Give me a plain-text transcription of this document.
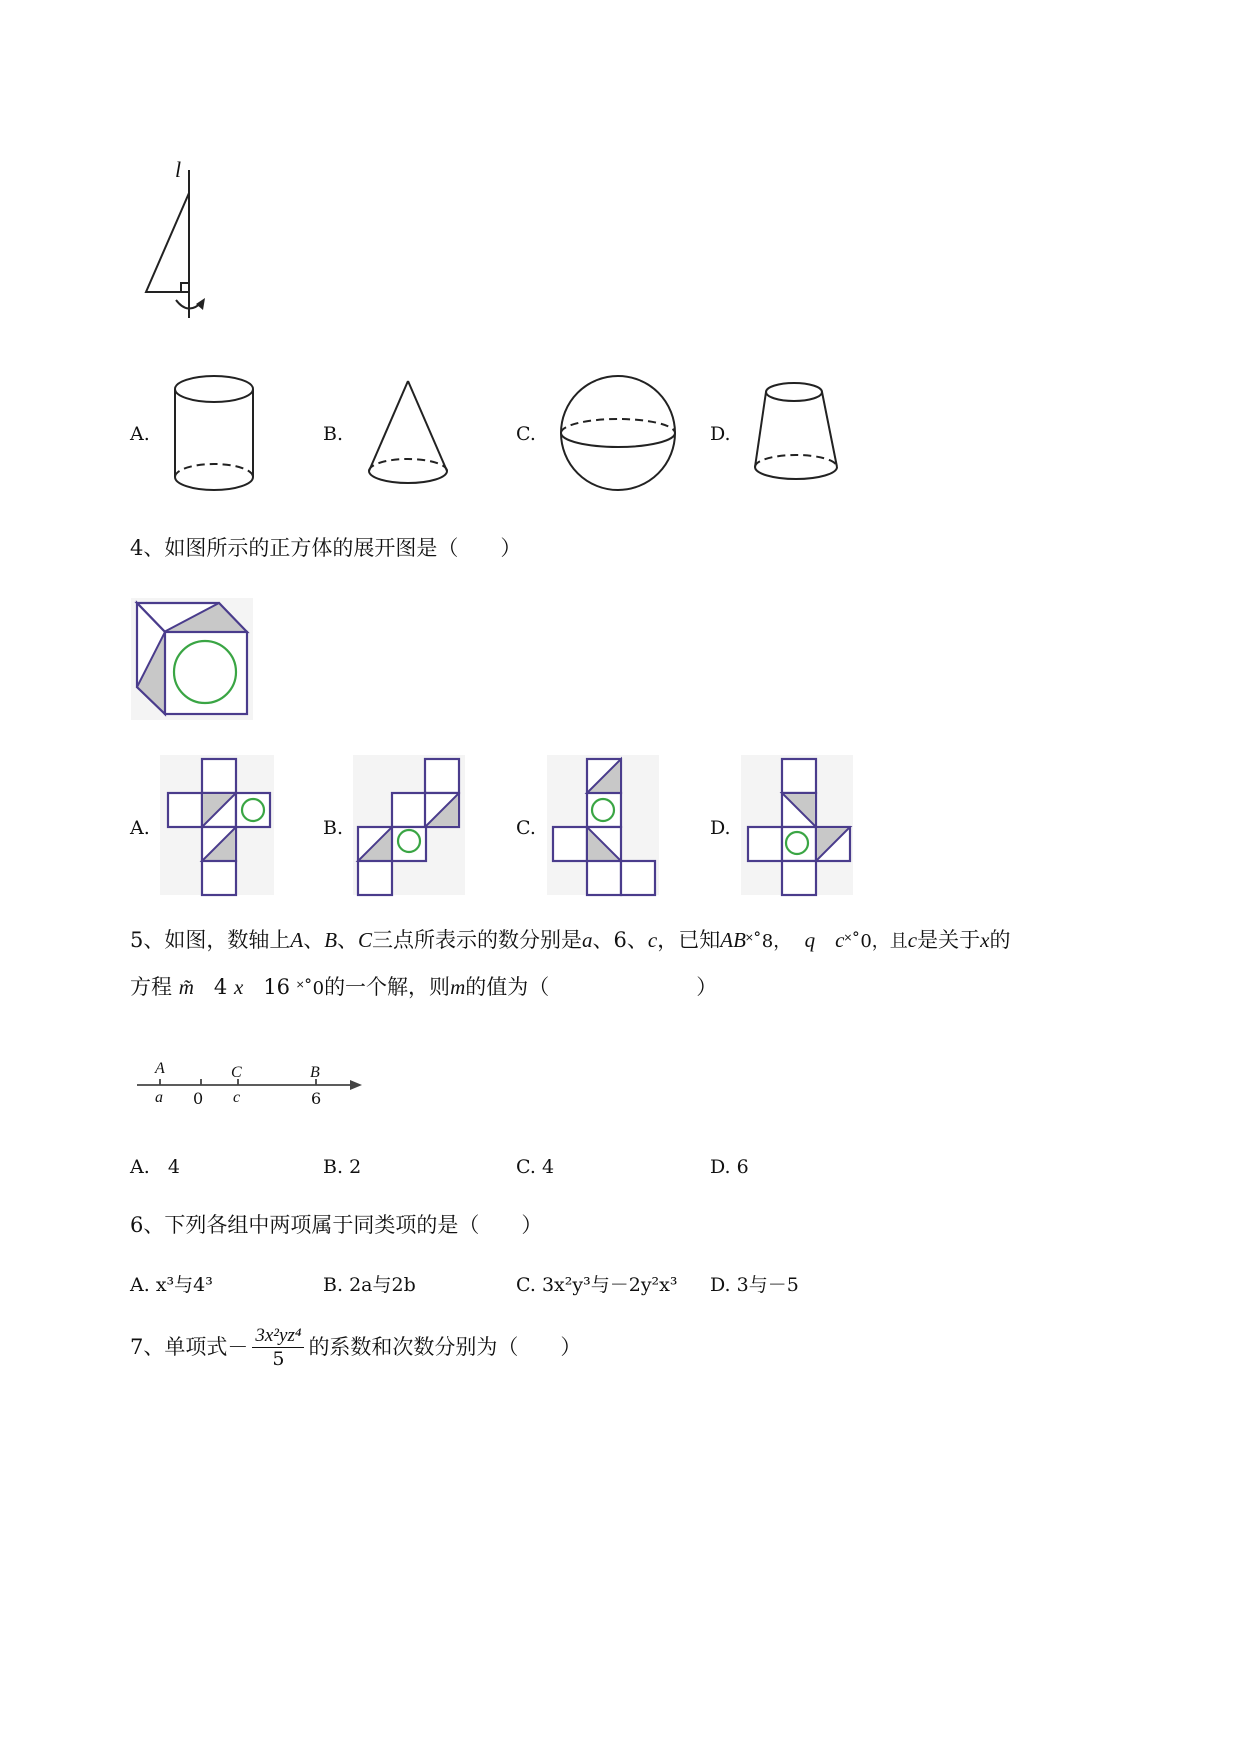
l
A.	B.	C.	D.
4、如图所示的正方体的展开图是（　　）
A.	B.	C.	D.
5、如图，数轴上A、B、C三点所表示的数分别是a、6、c，已知AB˟˚8， q c˟˚0，且c是关于x的
方程 m̃ 4 x 16 ˟˚0的一个解，则m的值为（　　　　　　　）
A	C	B
a 0 c	6
A. 4	B. 2	C. 4	D. 6
6、下列各组中两项属于同类项的是（　　）
A. x³与4³	B. 2a与2b	C. 3x²y³与－2y²x³ D. 3与－5
7、单项式－ $\frac{\text{3x²yz⁴}}{5}$ 的系数和次数分别为（　　）
